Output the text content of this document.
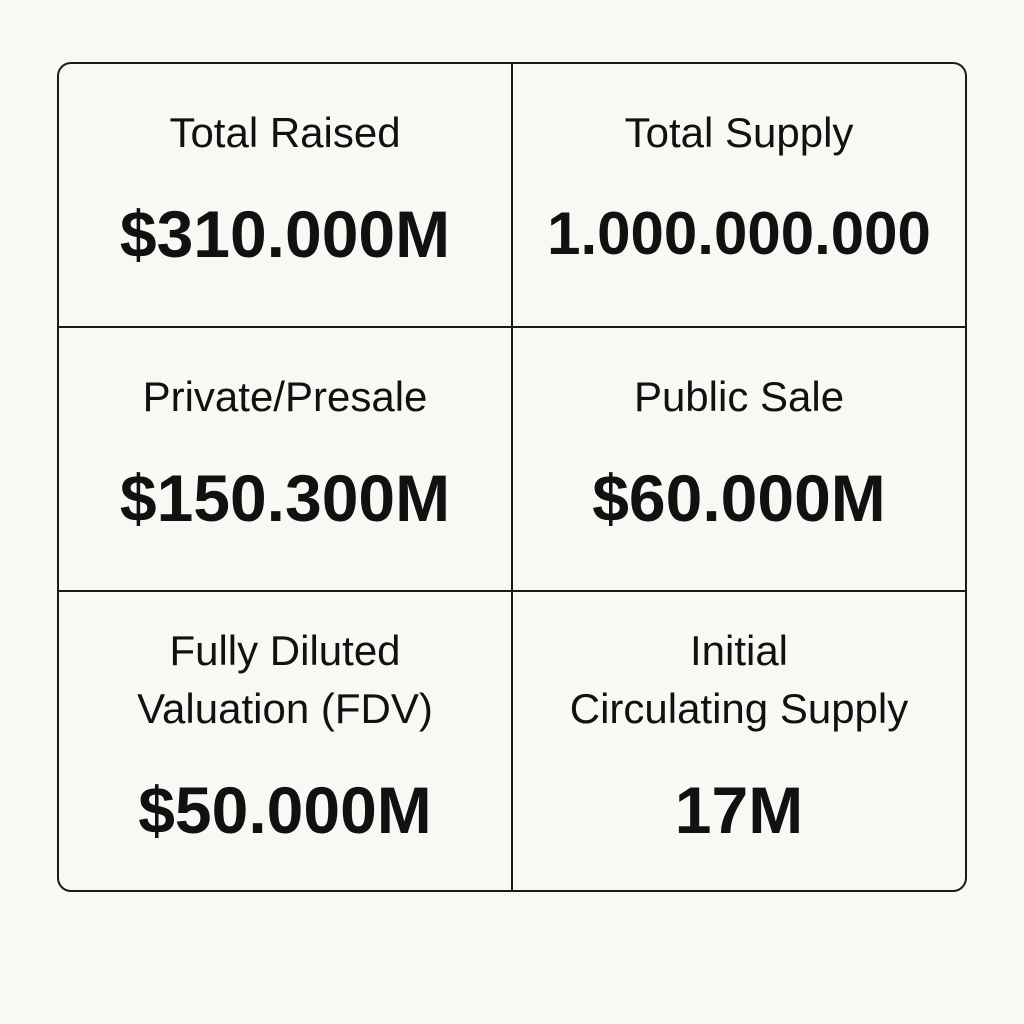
Total Raised
$310.000M
Total Supply
1.000.000.000
Private/Presale
$150.300M
Public Sale
$60.000M
Fully Diluted
Valuation (FDV)
$50.000M
Initial
Circulating Supply
17M
